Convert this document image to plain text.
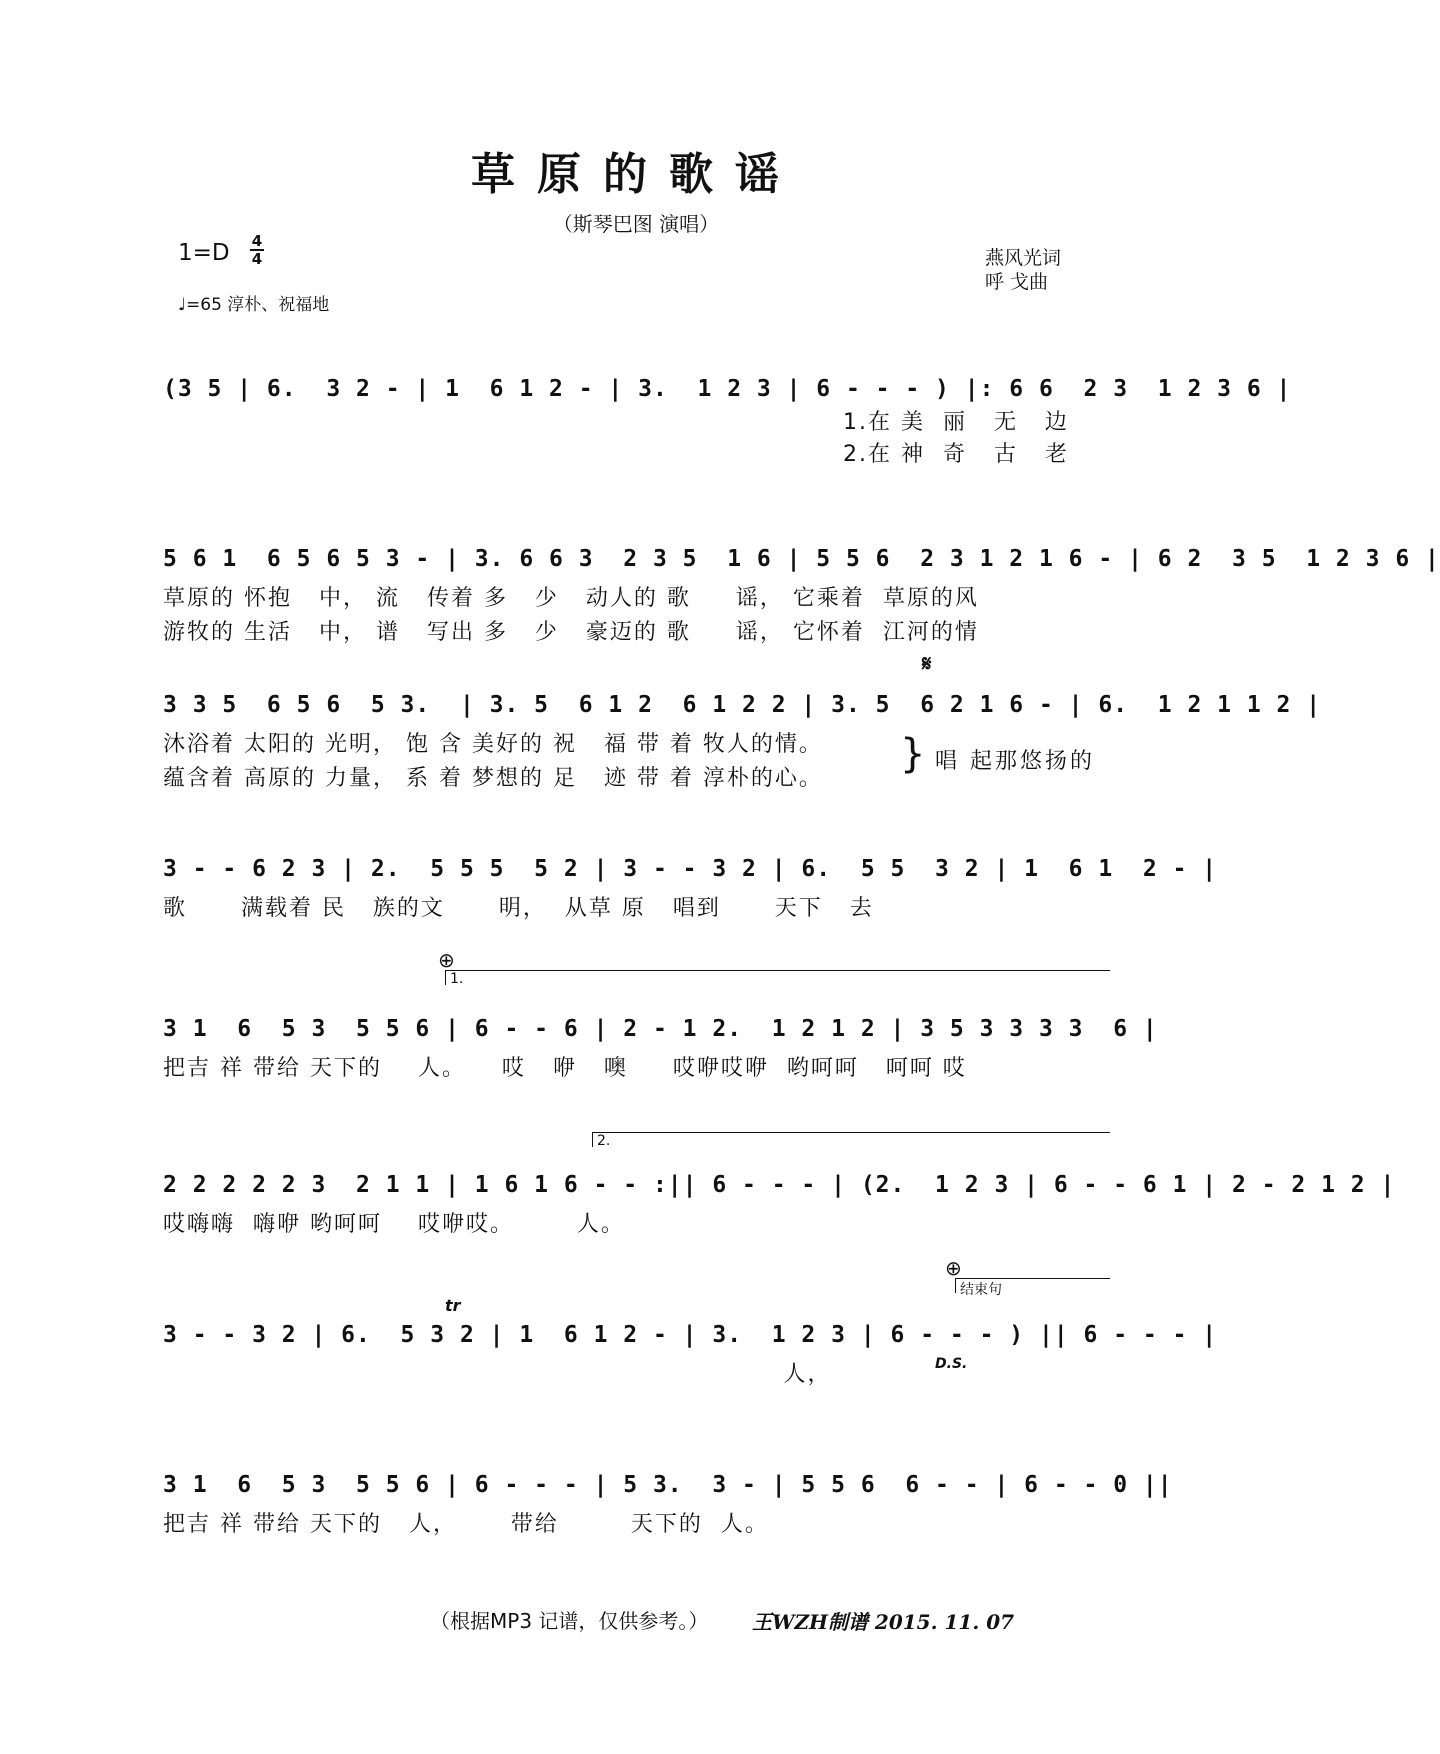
草原的歌谣
（斯琴巴图 演唱）
1=D 4
4
♩=65 淳朴、祝福地
燕风光词
呼 戈曲
(3 5 | 6.  3 2 - | 1  6 1 2 - | 3.  1 2 3 | 6 - - - ) |: 6 6  2 3  1 2 3 6 |
1.在 美  丽   无   边
2.在 神  奇   古   老
5 6 1  6 5 6 5 3 - | 3. 6 6 3  2 3 5  1 6 | 5 5 6  2 3 1 2 1 6 - | 6 2  3 5  1 2 3 6 |
草原的 怀抱   中， 流   传着 多   少   动人的 歌     谣， 它乘着  草原的风
游牧的 生活   中， 谱   写出 多   少   豪迈的 歌     谣， 它怀着  江河的情
𝄋
3 3 5  6 5 6  5 3.  | 3. 5  6 1 2  6 1 2 2 | 3. 5  6 2 1 6 - | 6.  1 2 1 1 2 |
沐浴着 太阳的 光明， 饱 含 美好的 祝   福 带 着 牧人的情。
蕴含着 高原的 力量， 系 着 梦想的 足   迹 带 着 淳朴的心。
} 唱 起那悠扬的
3 - - 6 2 3 | 2.  5 5 5  5 2 | 3 - - 3 2 | 6.  5 5  3 2 | 1  6 1  2 - |
歌      满载着 民   族的文      明，  从草 原   唱到      天下   去
⊕
1.
3 1  6  5 3  5 5 6 | 6 - - 6 | 2 - 1 2.  1 2 1 2 | 3 5 3 3 3 3  6 |
把吉 祥 带给 天下的    人。    哎   咿   噢     哎咿哎咿  哟呵呵   呵呵 哎
2.
2 2 2 2 2 3  2 1 1 | 1 6 1 6 - - :|| 6 - - - | (2.  1 2 3 | 6 - - 6 1 | 2 - 2 1 2 |
哎嗨嗨  嗨咿 哟呵呵    哎咿哎。       人。
⊕
结束句
tr
3 - - 3 2 | 6.  5 3 2 | 1  6 1 2 - | 3.  1 2 3 | 6 - - - ) || 6 - - - |
人，	D.S.
3 1  6  5 3  5 5 6 | 6 - - - | 5 3.  3 - | 5 5 6  6 - - | 6 - - 0 ||
把吉 祥 带给 天下的   人，      带给        天下的  人。
（根据MP3 记谱，仅供参考。） 王WZH制谱 2015. 11. 07
